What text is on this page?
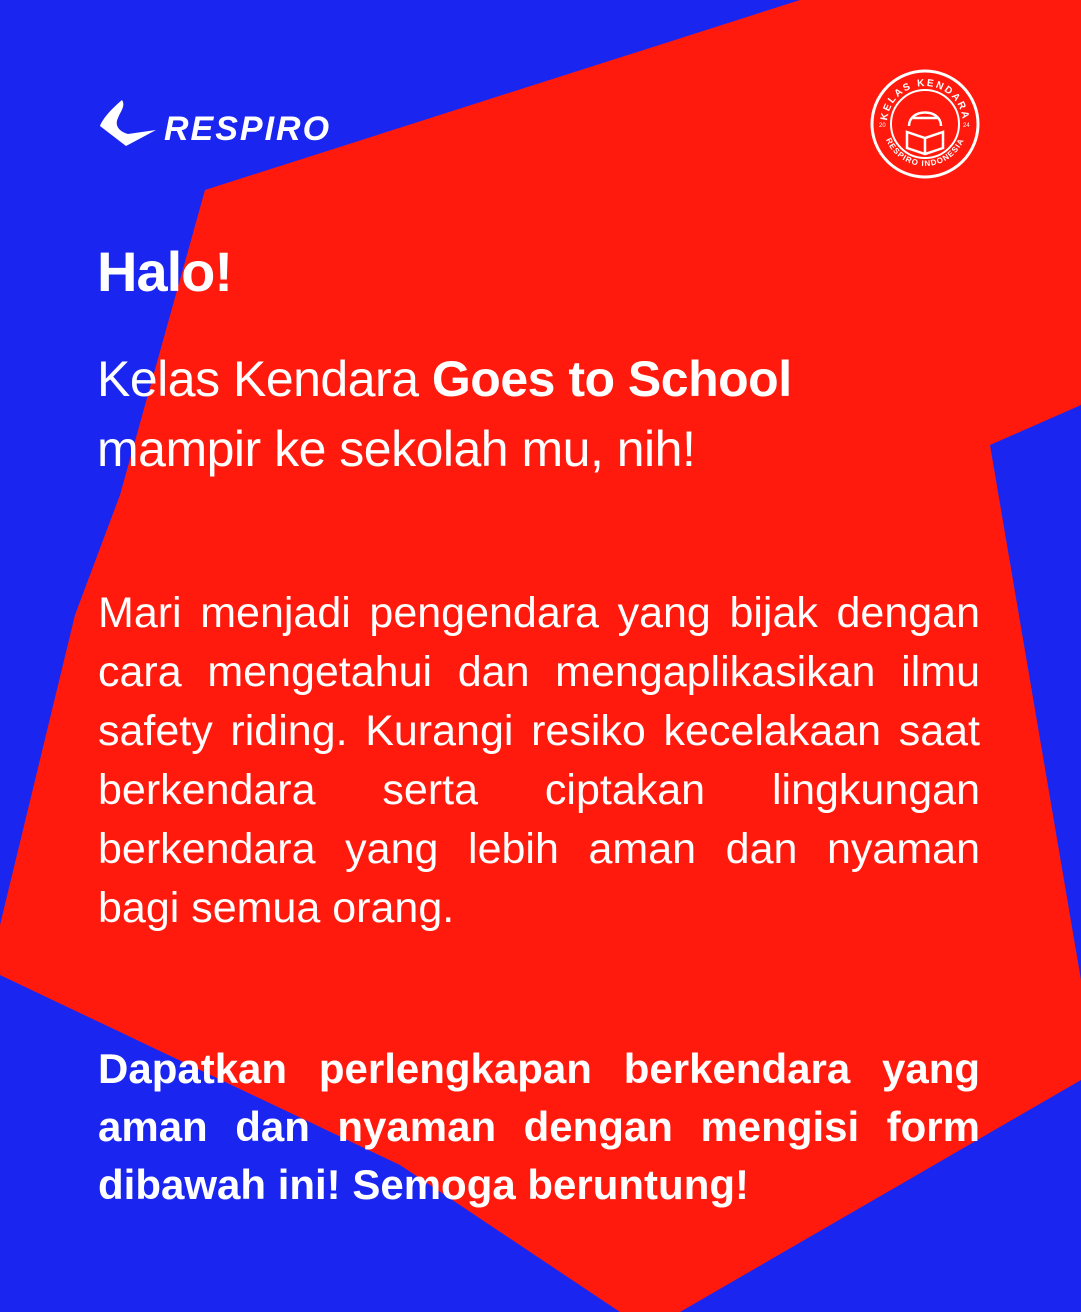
RESPIRO	KELAS KENDARA
RESPIRO INDONESIA
20	24
Halo!

Kelas Kendara Goes to School
mampir ke sekolah mu, nih!

Mari menjadi pengendara yang bijak dengan cara mengetahui dan mengaplikasikan ilmu safety riding. Kurangi resiko kecelakaan saat berkendara serta ciptakan lingkungan berkendara yang lebih aman dan nyaman bagi semua orang.

Dapatkan perlengkapan berkendara yang aman dan nyaman dengan mengisi form dibawah ini! Semoga beruntung!
